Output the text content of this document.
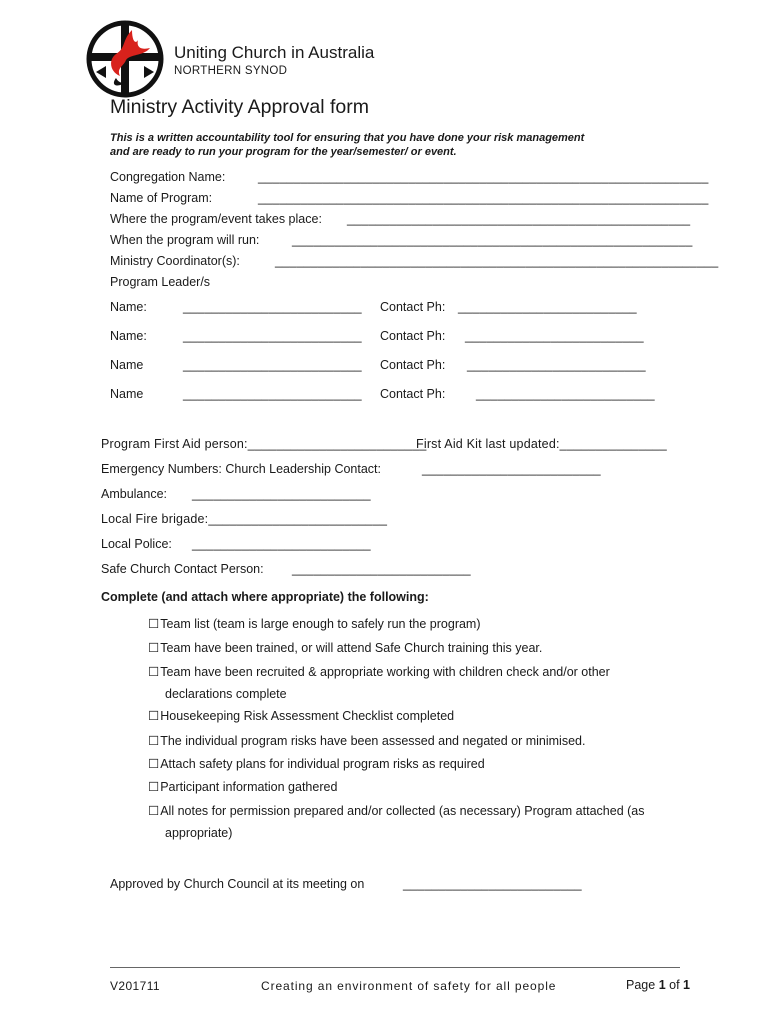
Uniting Church in Australia
NORTHERN SYNOD
Ministry Activity Approval form
This is a written accountability tool for ensuring that you have done your risk management
and are ready to run your program for the year/semester/ or event.
Congregation Name:	_______________________________________________________________
Name of Program:	_______________________________________________________________
Where the program/event takes place: ________________________________________________
When the program will run:	________________________________________________________
Ministry Coordinator(s):	______________________________________________________________
Program Leader/s
Name:	_________________________ Contact Ph: _________________________
Name:	_________________________ Contact Ph: _________________________
Name	_________________________ Contact Ph: _________________________
Name	_________________________ Contact Ph: _________________________
Program First Aid person:_________________________
First Aid Kit last updated:_______________
Emergency Numbers: Church Leadership Contact:	_________________________
Ambulance: _________________________
Local Fire brigade:_________________________
Local Police: _________________________
Safe Church Contact Person: _________________________
Complete (and attach where appropriate) the following:
☐Team list (team is large enough to safely run the program)
☐Team have been trained, or will attend Safe Church training this year.
☐Team have been recruited & appropriate working with children check and/or other
declarations complete
☐Housekeeping Risk Assessment Checklist completed
☐The individual program risks have been assessed and negated or minimised.
☐Attach safety plans for individual program risks as required
☐Participant information gathered
☐All notes for permission prepared and/or collected (as necessary) Program attached (as
appropriate)
Approved by Church Council at its meeting on	_________________________
V201711	Creating an environment of safety for all people	Page 1 of 1
